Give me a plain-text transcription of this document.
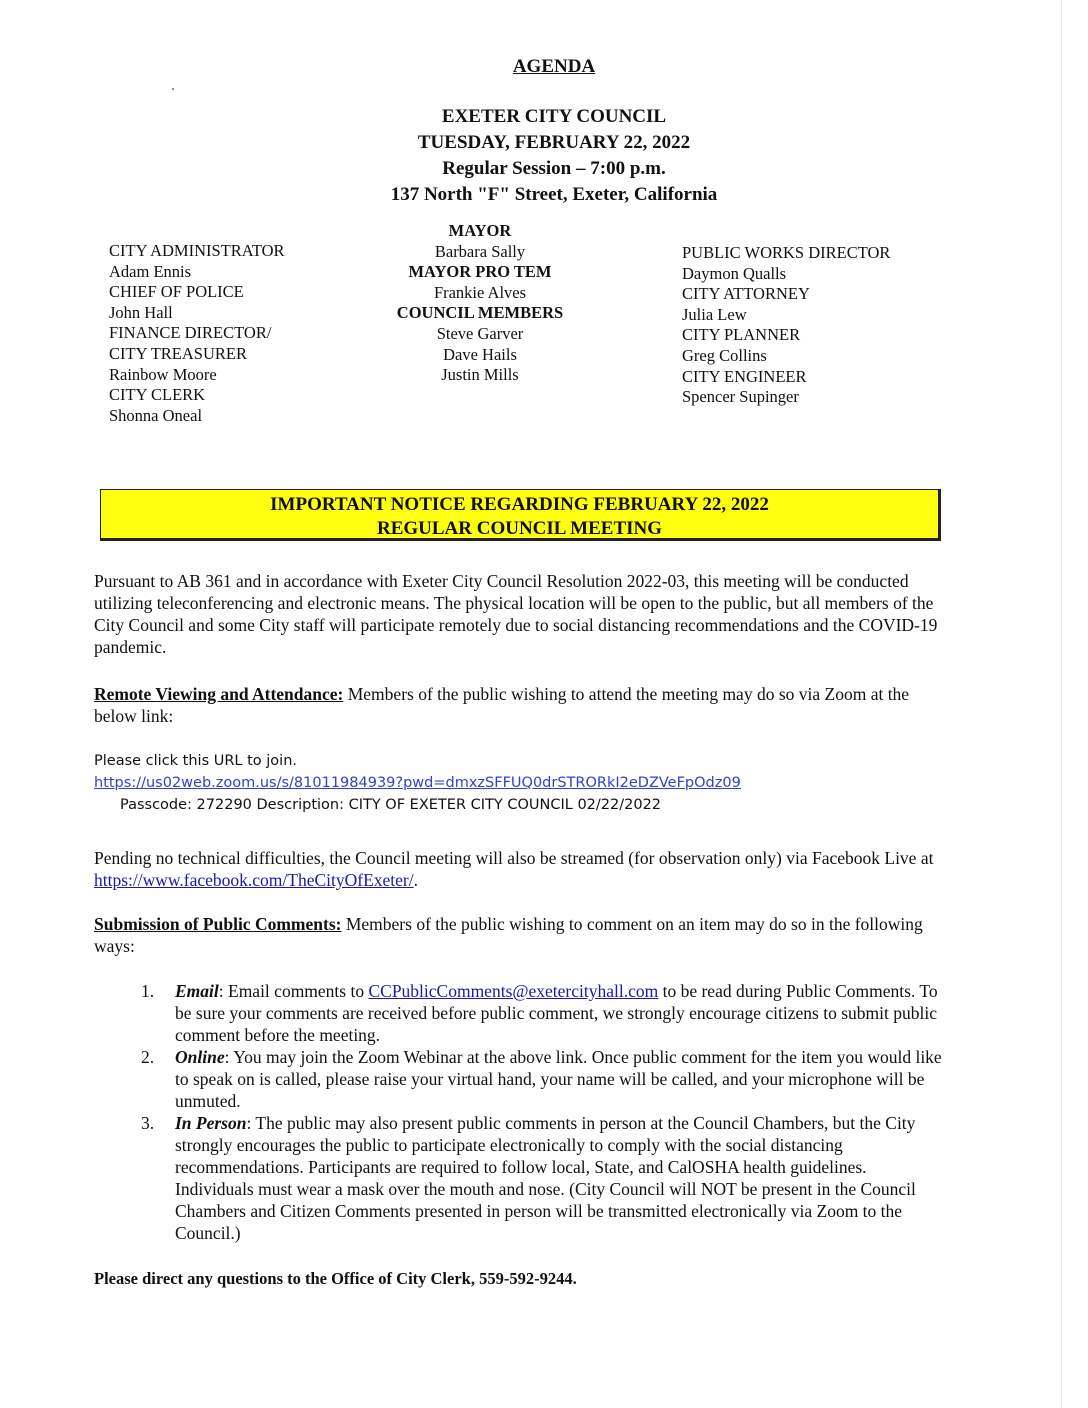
AGENDA
EXETER CITY COUNCIL
TUESDAY, FEBRUARY 22, 2022
Regular Session – 7:00 p.m.
137 North "F" Street, Exeter, California
CITY ADMINISTRATOR
Adam Ennis
CHIEF OF POLICE
John Hall
FINANCE DIRECTOR/
CITY TREASURER
Rainbow Moore
CITY CLERK
Shonna Oneal
MAYOR
Barbara Sally
MAYOR PRO TEM
Frankie Alves
COUNCIL MEMBERS
Steve Garver
Dave Hails
Justin Mills
PUBLIC WORKS DIRECTOR
Daymon Qualls
CITY ATTORNEY
Julia Lew
CITY PLANNER
Greg Collins
CITY ENGINEER
Spencer Supinger
IMPORTANT NOTICE REGARDING FEBRUARY 22, 2022
REGULAR COUNCIL MEETING
Pursuant to AB 361 and in accordance with Exeter City Council Resolution 2022-03, this meeting will be conducted utilizing teleconferencing and electronic means. The physical location will be open to the public, but all members of the City Council and some City staff will participate remotely due to social distancing recommendations and the COVID-19 pandemic.
Remote Viewing and Attendance: Members of the public wishing to attend the meeting may do so via Zoom at the below link:
Please click this URL to join.
https://us02web.zoom.us/s/81011984939?pwd=dmxzSFFUQ0drSTRORkI2eDZVeFpOdz09
Passcode: 272290 Description: CITY OF EXETER CITY COUNCIL 02/22/2022
Pending no technical difficulties, the Council meeting will also be streamed (for observation only) via Facebook Live at https://www.facebook.com/TheCityOfExeter/.
Submission of Public Comments: Members of the public wishing to comment on an item may do so in the following ways:
1. Email: Email comments to CCPublicComments@exetercityhall.com to be read during Public Comments. To be sure your comments are received before public comment, we strongly encourage citizens to submit public comment before the meeting.
2. Online: You may join the Zoom Webinar at the above link. Once public comment for the item you would like to speak on is called, please raise your virtual hand, your name will be called, and your microphone will be unmuted.
3. In Person: The public may also present public comments in person at the Council Chambers, but the City strongly encourages the public to participate electronically to comply with the social distancing recommendations. Participants are required to follow local, State, and CalOSHA health guidelines. Individuals must wear a mask over the mouth and nose. (City Council will NOT be present in the Council Chambers and Citizen Comments presented in person will be transmitted electronically via Zoom to the Council.)
Please direct any questions to the Office of City Clerk, 559-592-9244.
